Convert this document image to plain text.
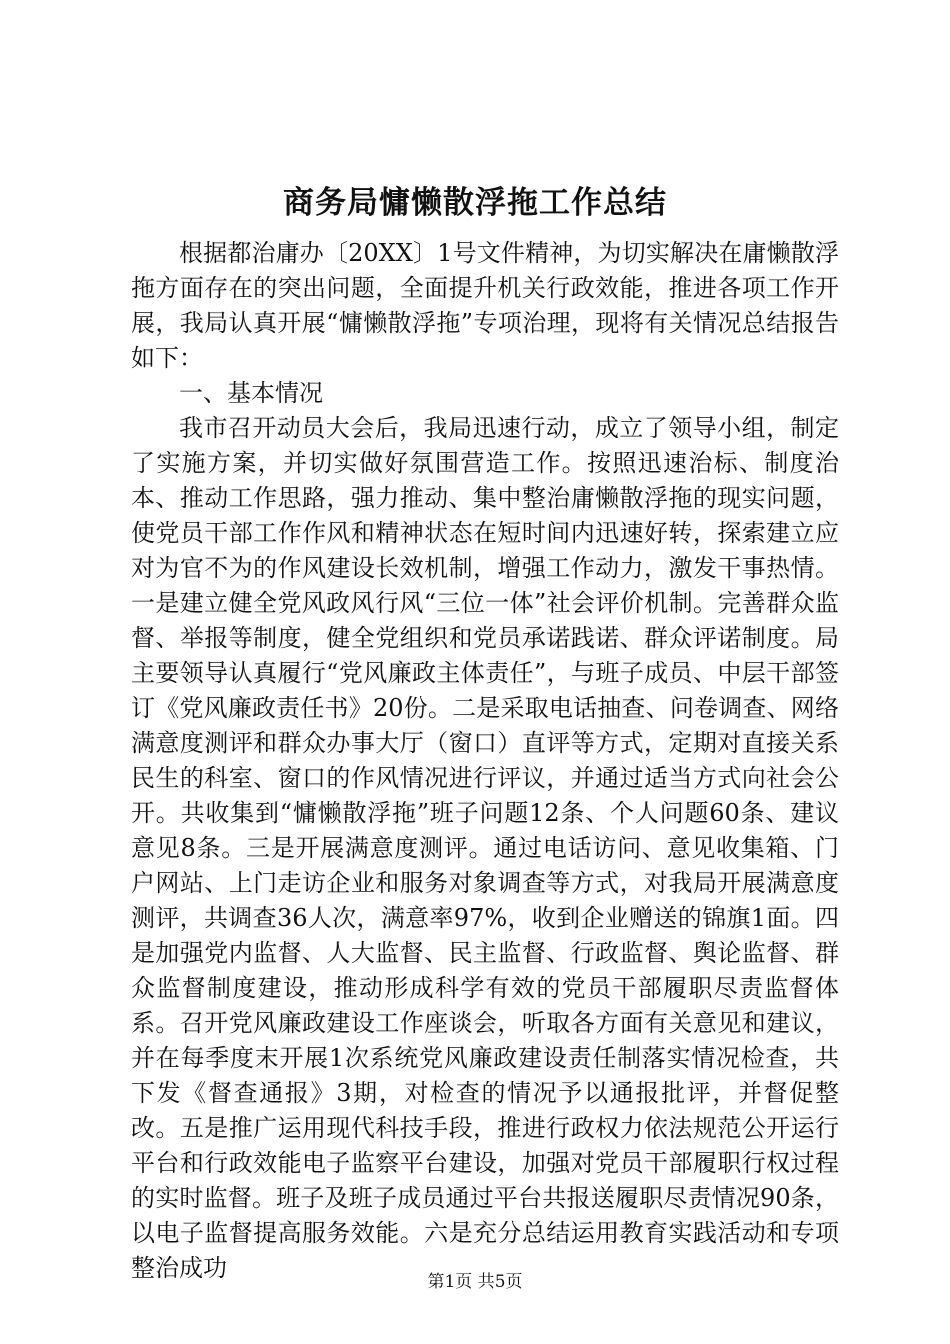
商务局慵懒散浮拖工作总结

根据都治庸办〔20XX〕1号文件精神，为切实解决在庸懒散浮拖方面存在的突出问题，全面提升机关行政效能，推进各项工作开展，我局认真开展“慵懒散浮拖”专项治理，现将有关情况总结报告如下：

一、基本情况

我市召开动员大会后，我局迅速行动，成立了领导小组，制定了实施方案，并切实做好氛围营造工作。按照迅速治标、制度治本、推动工作思路，强力推动、集中整治庸懒散浮拖的现实问题，使党员干部工作作风和精神状态在短时间内迅速好转，探索建立应对为官不为的作风建设长效机制，增强工作动力，激发干事热情。一是建立健全党风政风行风“三位一体”社会评价机制。完善群众监督、举报等制度，健全党组织和党员承诺践诺、群众评诺制度。局主要领导认真履行“党风廉政主体责任”，与班子成员、中层干部签订《党风廉政责任书》20份。二是采取电话抽查、问卷调查、网络满意度测评和群众办事大厅（窗口）直评等方式，定期对直接关系民生的科室、窗口的作风情况进行评议，并通过适当方式向社会公开。共收集到“慵懒散浮拖”班子问题12条、个人问题60条、建议意见8条。三是开展满意度测评。通过电话访问、意见收集箱、门户网站、上门走访企业和服务对象调查等方式，对我局开展满意度测评，共调查36人次，满意率97%，收到企业赠送的锦旗1面。四是加强党内监督、人大监督、民主监督、行政监督、舆论监督、群众监督制度建设，推动形成科学有效的党员干部履职尽责监督体系。召开党风廉政建设工作座谈会，听取各方面有关意见和建议，并在每季度末开展1次系统党风廉政建设责任制落实情况检查，共下发《督查通报》3期，对检查的情况予以通报批评，并督促整改。五是推广运用现代科技手段，推进行政权力依法规范公开运行平台和行政效能电子监察平台建设，加强对党员干部履职行权过程的实时监督。班子及班子成员通过平台共报送履职尽责情况90条，以电子监督提高服务效能。六是充分总结运用教育实践活动和专项整治成功	第1页 共5页
